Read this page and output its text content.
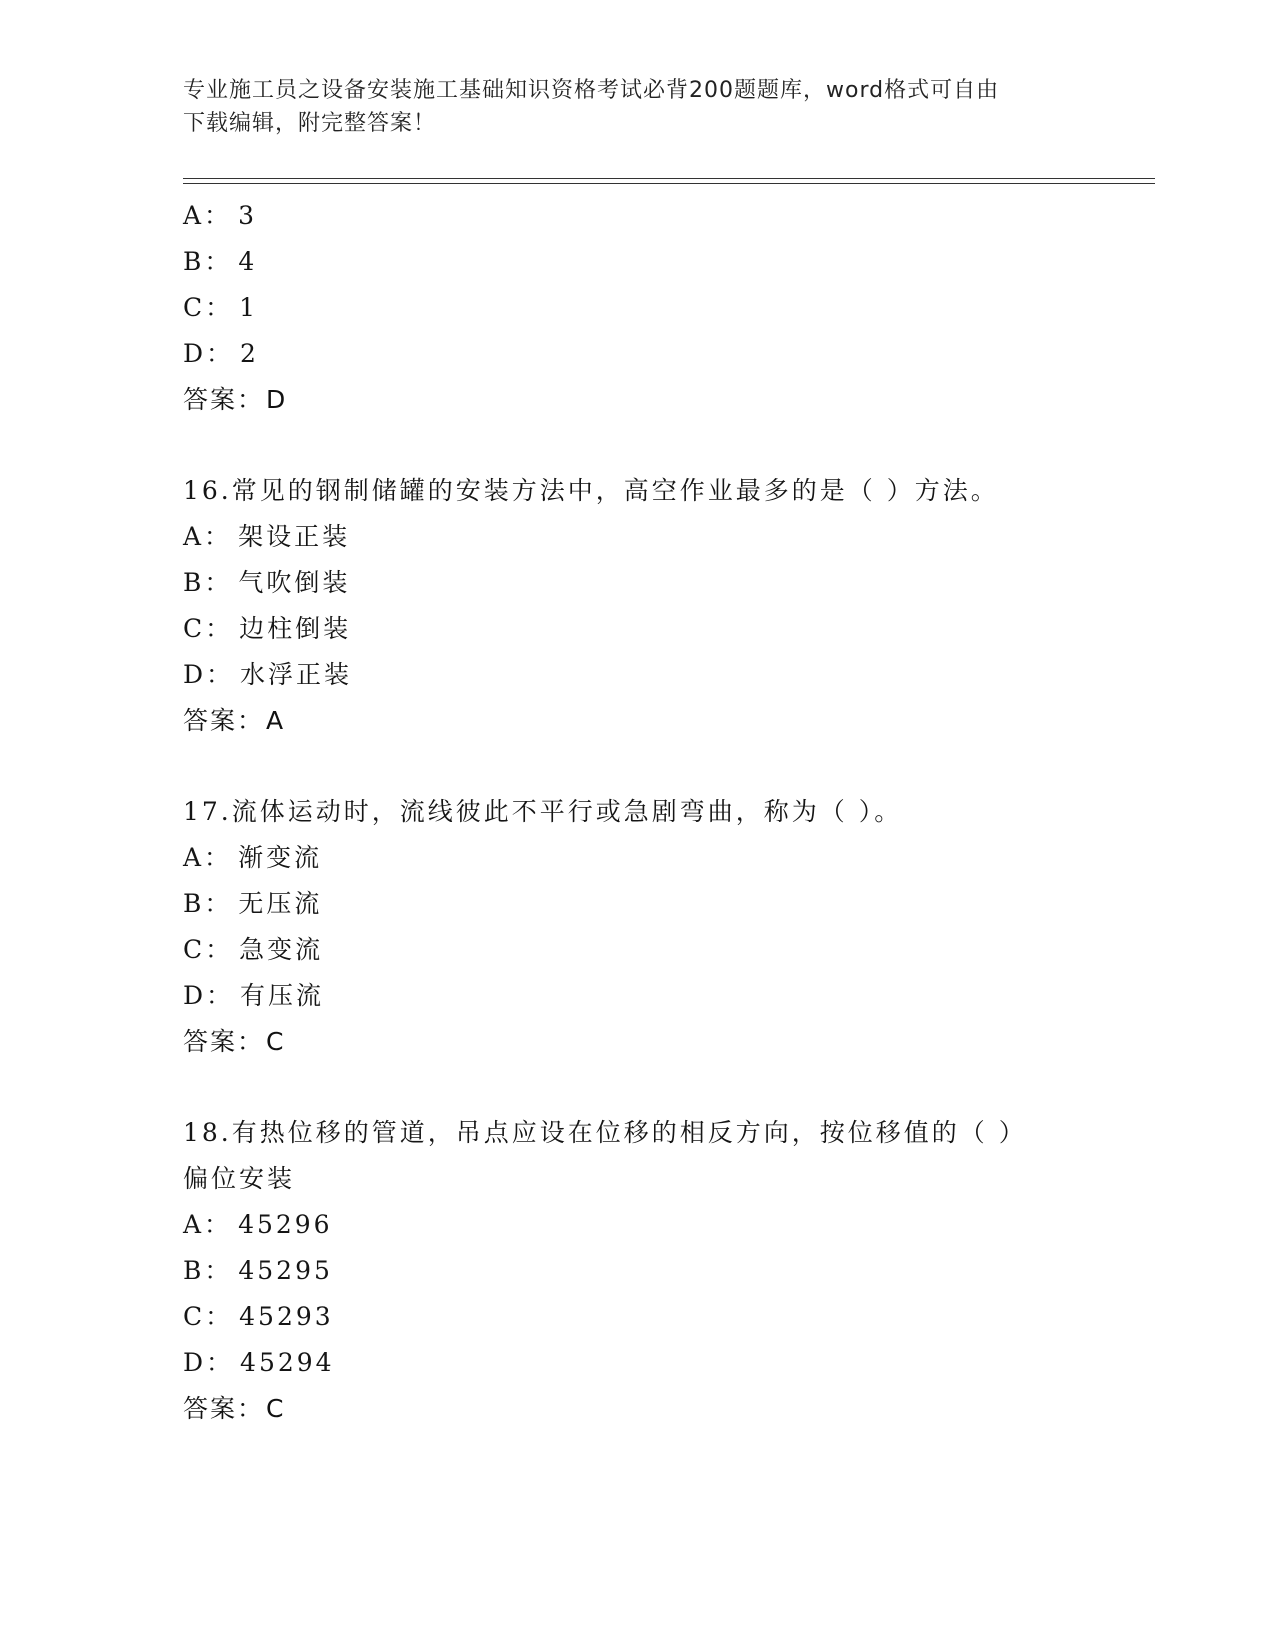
专业施工员之设备安装施工基础知识资格考试必背200题题库，word格式可自由
下载编辑，附完整答案！
A： 3
B： 4
C： 1
D： 2
答案：D
16.常见的钢制储罐的安装方法中，高空作业最多的是（ ）方法。
A： 架设正装
B： 气吹倒装
C： 边柱倒装
D： 水浮正装
答案：A
17.流体运动时，流线彼此不平行或急剧弯曲，称为（ ）。
A： 渐变流
B： 无压流
C： 急变流
D： 有压流
答案：C
18.有热位移的管道，吊点应设在位移的相反方向，按位移值的（ ）
偏位安装
A： 45296
B： 45295
C： 45293
D： 45294
答案：C
